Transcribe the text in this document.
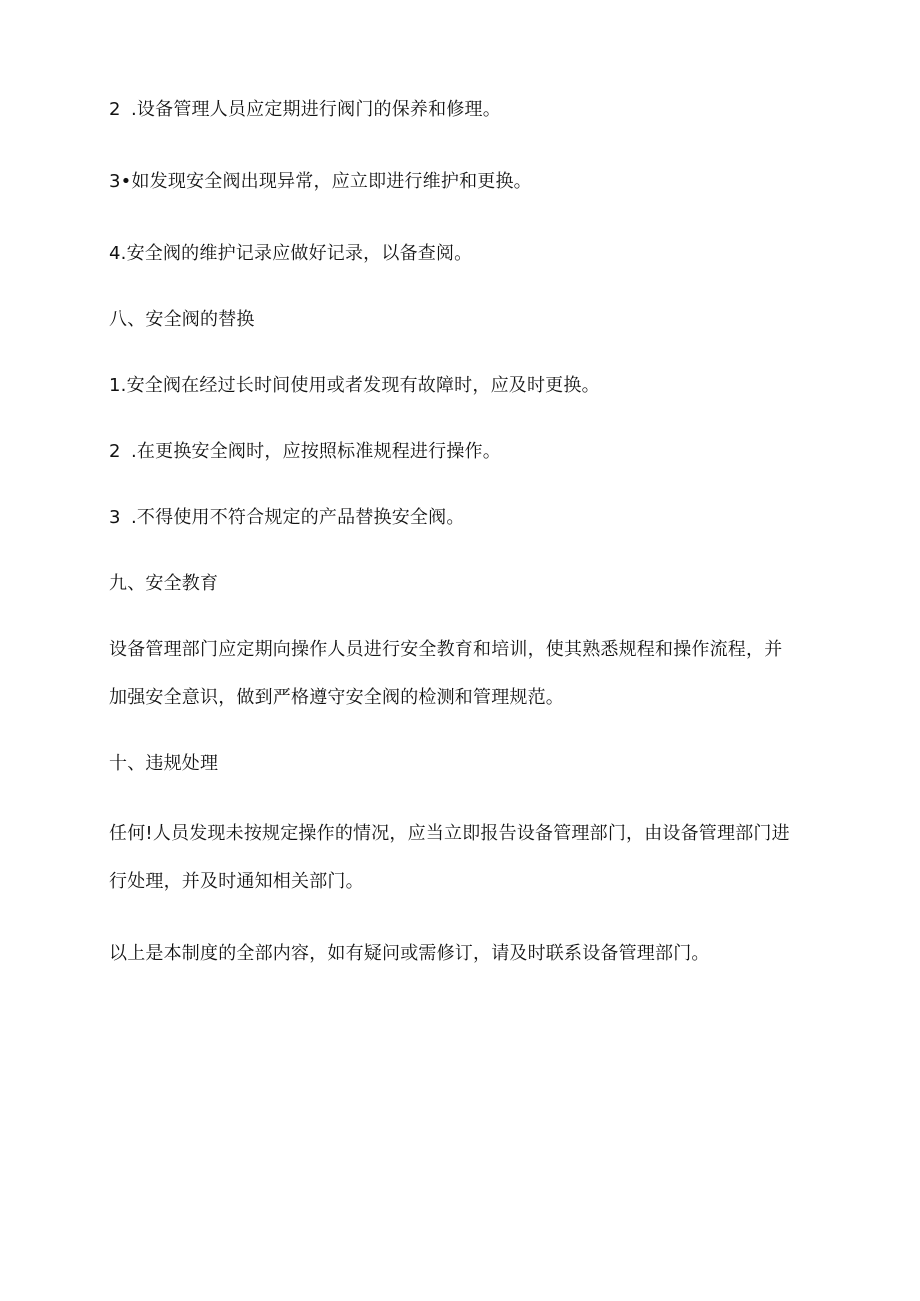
2 .设备管理人员应定期进行阀门的保养和修理。
3•如发现安全阀出现异常，应立即进行维护和更换。
4.安全阀的维护记录应做好记录，以备查阅。
八、安全阀的替换
1.安全阀在经过长时间使用或者发现有故障时，应及时更换。
2 .在更换安全阀时，应按照标准规程进行操作。
3 .不得使用不符合规定的产品替换安全阀。
九、安全教育
设备管理部门应定期向操作人员进行安全教育和培训，使其熟悉规程和操作流程，并
加强安全意识，做到严格遵守安全阀的检测和管理规范。
十、违规处理
任何!人员发现未按规定操作的情况，应当立即报告设备管理部门，由设备管理部门进
行处理，并及时通知相关部门。
以上是本制度的全部内容，如有疑问或需修订，请及时联系设备管理部门。
